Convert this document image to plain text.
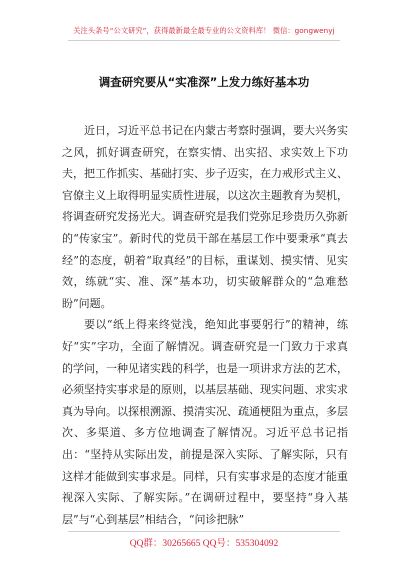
关注头条号“公文研究”，获得最新最全最专业的公文资料库！ 微信：gongwenyj
调查研究要从“实准深”上发力练好基本功

近日，习近平总书记在内蒙古考察时强调，要大兴务实之风，抓好调查研究，在察实情、出实招、求实效上下功夫，把工作抓实、基础打实、步子迈实，在力戒形式主义、官僚主义上取得明显实质性进展，以这次主题教育为契机，将调查研究发扬光大。调查研究是我们党弥足珍贵历久弥新的“传家宝”。新时代的党员干部在基层工作中要秉承“真去经”的态度，朝着“取真经”的目标，重谋划、摸实情、见实效，练就“实、准、深”基本功，切实破解群众的“急难愁盼”问题。

要以“纸上得来终觉浅，绝知此事要躬行”的精神，练好“实”字功，全面了解情况。调查研究是一门致力于求真的学问，一种见诸实践的科学，也是一项讲求方法的艺术，必须坚持实事求是的原则，以基层基础、现实问题、求实求真为导向。以探根溯源、摸清实况、疏通梗阻为重点，多层次、多渠道、多方位地调查了解情况。习近平总书记指出：“坚持从实际出发，前提是深入实际、了解实际，只有这样才能做到实事求是。同样，只有实事求是的态度才能重视深入实际、了解实际。”在调研过程中，要坚持“身入基层”与“心到基层”相结合，“问诊把脉”

QQ群：30265665 QQ号：535304092
